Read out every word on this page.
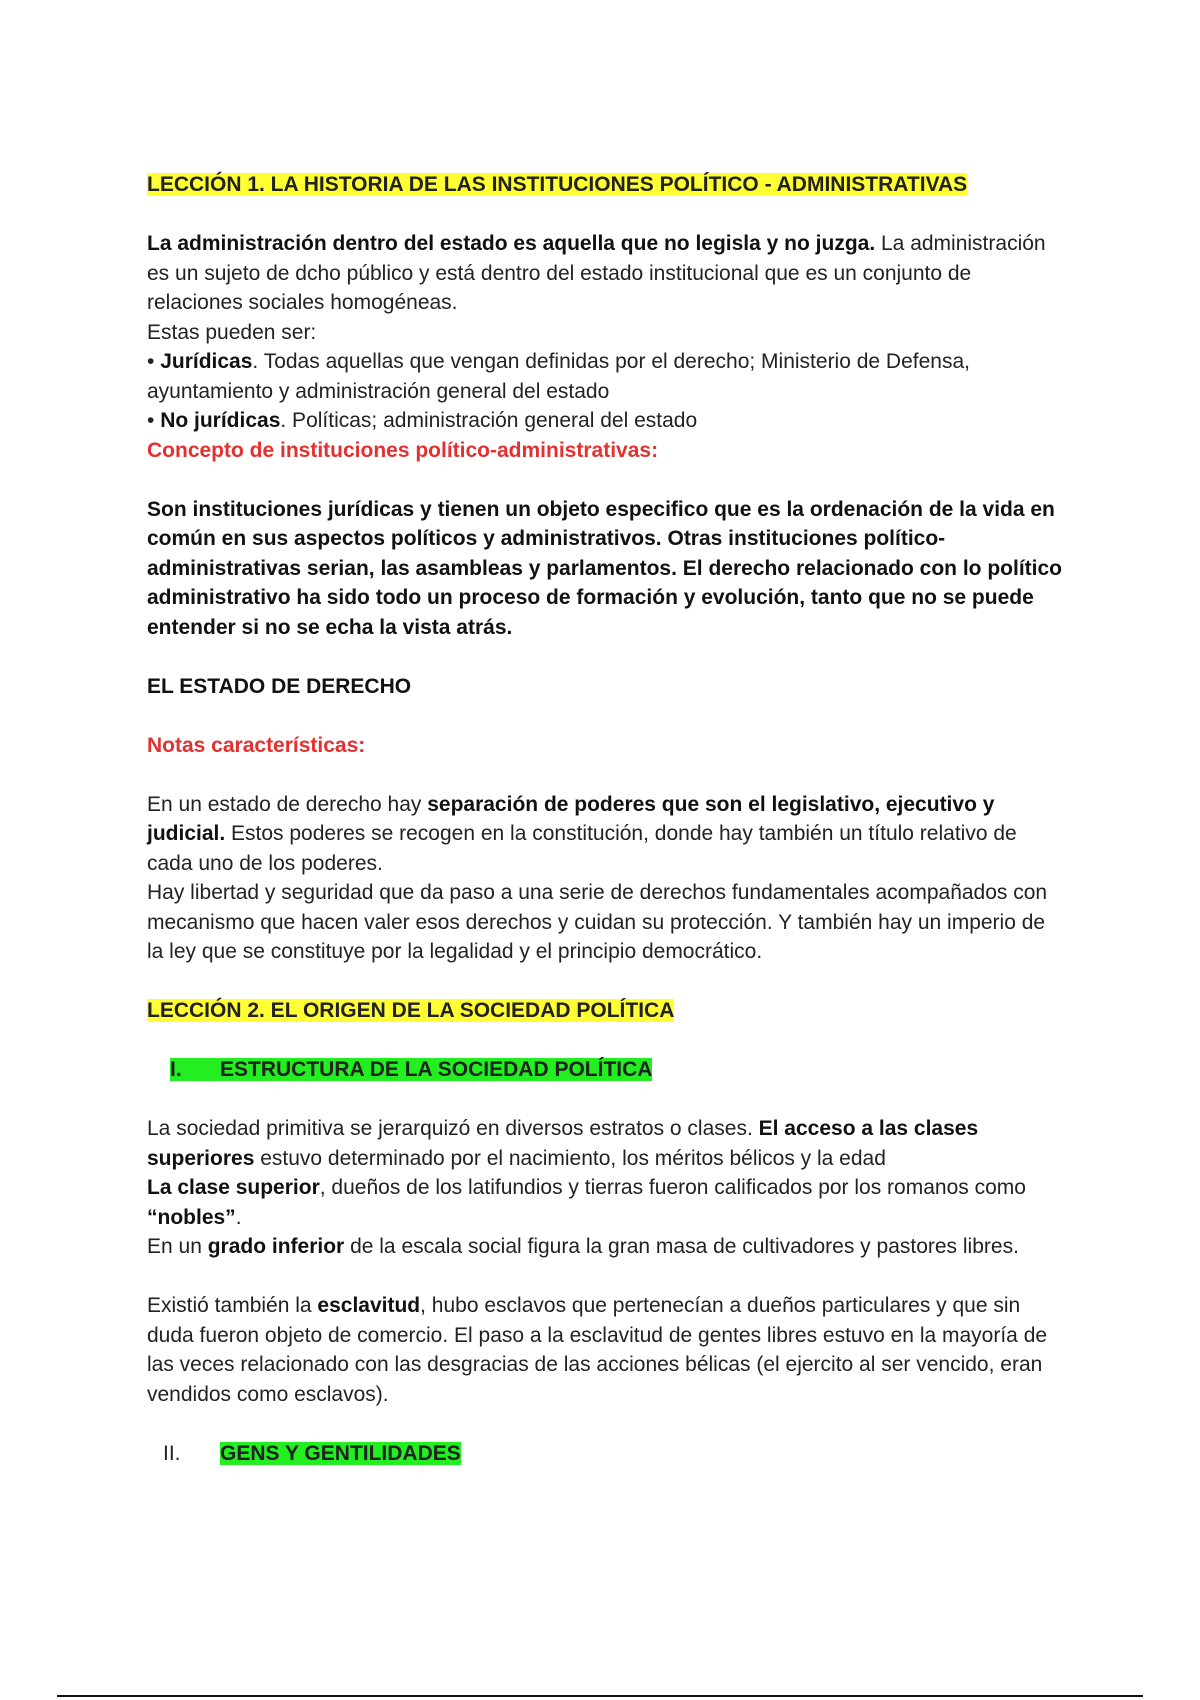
LECCIÓN 1. LA HISTORIA DE LAS INSTITUCIONES POLÍTICO - ADMINISTRATIVAS

La administración dentro del estado es aquella que no legisla y no juzga. La administración es un sujeto de dcho público y está dentro del estado institucional que es un conjunto de relaciones sociales homogéneas.

Estas pueden ser:

• Jurídicas. Todas aquellas que vengan definidas por el derecho; Ministerio de Defensa, ayuntamiento y administración general del estado

• No jurídicas. Políticas; administración general del estado

Concepto de instituciones político-administrativas:

Son instituciones jurídicas y tienen un objeto especifico que es la ordenación de la vida en común en sus aspectos políticos y administrativos. Otras instituciones político-administrativas serian, las asambleas y parlamentos. El derecho relacionado con lo político administrativo ha sido todo un proceso de formación y evolución, tanto que no se puede entender si no se echa la vista atrás.

EL ESTADO DE DERECHO

Notas características:

En un estado de derecho hay separación de poderes que son el legislativo, ejecutivo y judicial. Estos poderes se recogen en la constitución, donde hay también un título relativo de cada uno de los poderes.

Hay libertad y seguridad que da paso a una serie de derechos fundamentales acompañados con mecanismo que hacen valer esos derechos y cuidan su protección. Y también hay un imperio de la ley que se constituye por la legalidad y el principio democrático.

LECCIÓN 2. EL ORIGEN DE LA SOCIEDAD POLÍTICA

I. ESTRUCTURA DE LA SOCIEDAD POLÍTICA

La sociedad primitiva se jerarquizó en diversos estratos o clases. El acceso a las clases superiores estuvo determinado por el nacimiento, los méritos bélicos y la edad

La clase superior, dueños de los latifundios y tierras fueron calificados por los romanos como “nobles”.

En un grado inferior de la escala social figura la gran masa de cultivadores y pastores libres.

Existió también la esclavitud, hubo esclavos que pertenecían a dueños particulares y que sin duda fueron objeto de comercio. El paso a la esclavitud de gentes libres estuvo en la mayoría de las veces relacionado con las desgracias de las acciones bélicas (el ejercito al ser vencido, eran vendidos como esclavos).

II. GENS Y GENTILIDADES
